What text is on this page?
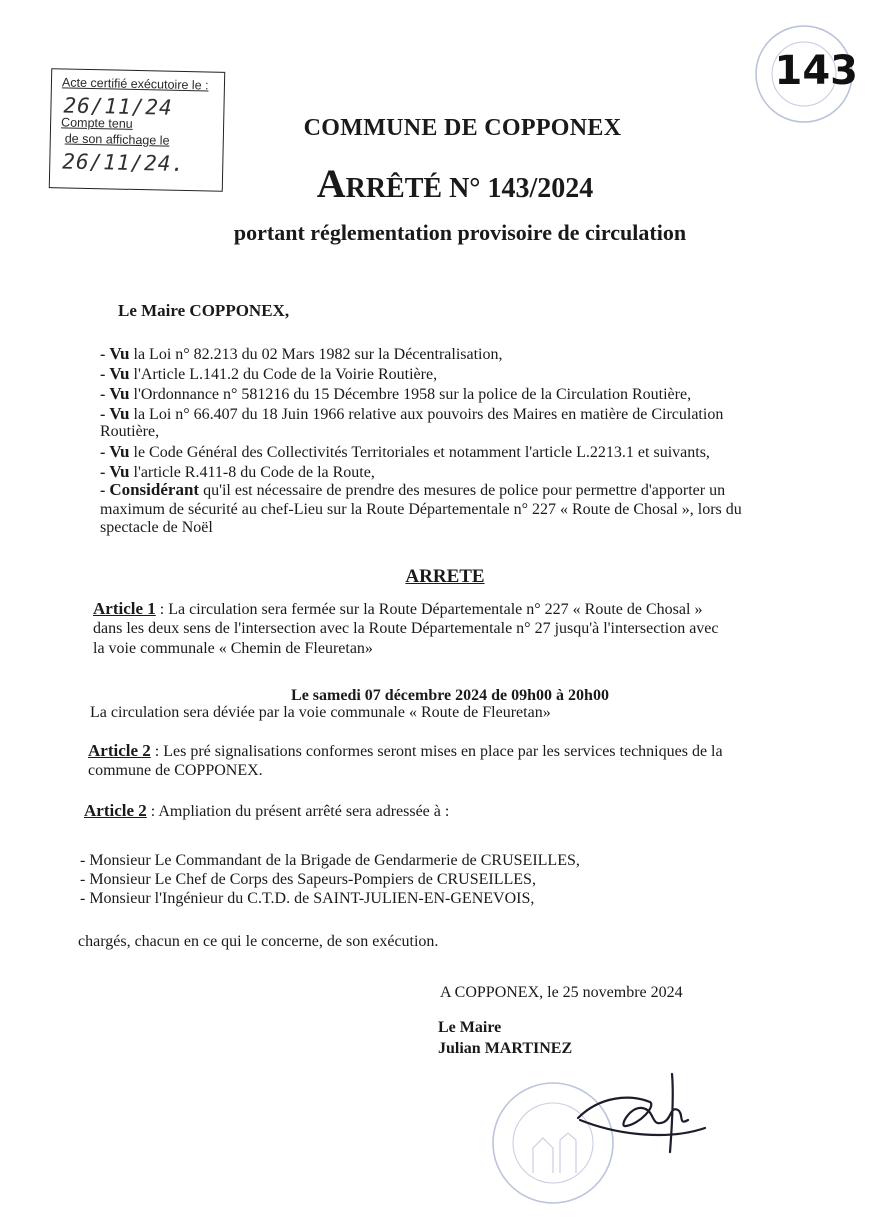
Acte certifié exécutoire le :
26/11/24
Compte tenu
de son affichage le
26/11/24.
143
COMMUNE DE COPPONEX
ARRÊTÉ N° 143/2024
portant réglementation provisoire de circulation
Le Maire COPPONEX,
- Vu la Loi n° 82.213 du 02 Mars 1982 sur la Décentralisation,
- Vu l'Article L.141.2 du Code de la Voirie Routière,
- Vu l'Ordonnance n° 581216 du 15 Décembre 1958 sur la police de la Circulation Routière,
- Vu la Loi n° 66.407 du 18 Juin 1966 relative aux pouvoirs des Maires en matière de Circulation
Routière,
- Vu le Code Général des Collectivités Territoriales et notamment l'article L.2213.1 et suivants,
- Vu l'article R.411-8 du Code de la Route,
- Considérant qu'il est nécessaire de prendre des mesures de police pour permettre d'apporter un
maximum de sécurité au chef-Lieu sur la Route Départementale n° 227 « Route de Chosal », lors du
spectacle de Noël
ARRETE
Article 1 : La circulation sera fermée sur la Route Départementale n° 227 « Route de Chosal »
dans les deux sens de l'intersection avec la Route Départementale n° 27 jusqu'à l'intersection avec
la voie communale « Chemin de Fleuretan»
Le samedi 07 décembre 2024 de 09h00 à 20h00
La circulation sera déviée par la voie communale « Route de Fleuretan»
Article 2 : Les pré signalisations conformes seront mises en place par les services techniques de la
commune de COPPONEX.
Article 2 : Ampliation du présent arrêté sera adressée à :
- Monsieur Le Commandant de la Brigade de Gendarmerie de CRUSEILLES,
- Monsieur Le Chef de Corps des Sapeurs-Pompiers de CRUSEILLES,
- Monsieur l'Ingénieur du C.T.D. de SAINT-JULIEN-EN-GENEVOIS,
chargés, chacun en ce qui le concerne, de son exécution.
A COPPONEX, le 25 novembre 2024
Le Maire
Julian MARTINEZ
